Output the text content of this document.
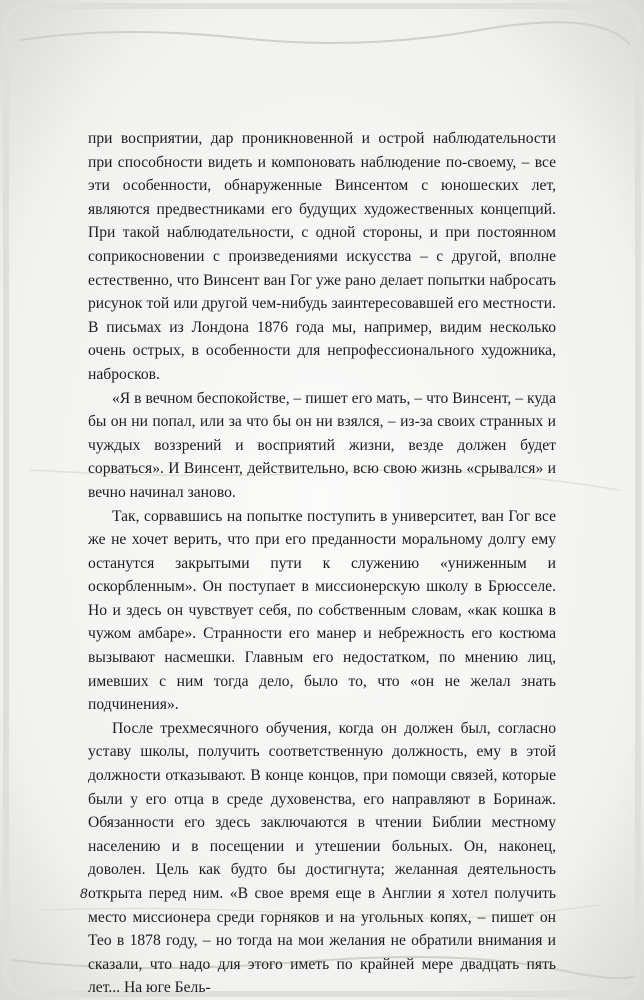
при восприятии, дар проникновенной и острой наблюдательности при способности видеть и компоновать наблюдение по-своему, – все эти особенности, обнаруженные Винсентом с юношеских лет, являются предвестниками его будущих художественных концепций. При такой наблюдательности, с одной стороны, и при постоянном соприкосновении с произведениями искусства – с другой, вполне естественно, что Винсент ван Гог уже рано делает попытки набросать рисунок той или другой чем-нибудь заинтересовавшей его местности. В письмах из Лондона 1876 года мы, например, видим несколько очень острых, в особенности для непрофессионального художника, набросков.

«Я в вечном беспокойстве, – пишет его мать, – что Винсент, – куда бы он ни попал, или за что бы он ни взялся, – из-за своих странных и чуждых воззрений и восприятий жизни, везде должен будет сорваться». И Винсент, действительно, всю свою жизнь «срывался» и вечно начинал заново.

Так, сорвавшись на попытке поступить в университет, ван Гог все же не хочет верить, что при его преданности моральному долгу ему останутся закрытыми пути к служению «униженным и оскорбленным». Он поступает в миссионерскую школу в Брюсселе. Но и здесь он чувствует себя, по собственным словам, «как кошка в чужом амбаре». Странности его манер и небрежность его костюма вызывают насмешки. Главным его недостатком, по мнению лиц, имевших с ним тогда дело, было то, что «он не желал знать подчинения».

После трехмесячного обучения, когда он должен был, согласно уставу школы, получить соответственную должность, ему в этой должности отказывают. В конце концов, при помощи связей, которые были у его отца в среде духовенства, его направляют в Боринаж. Обязанности его здесь заключаются в чтении Библии местному населению и в посещении и утешении больных. Он, наконец, доволен. Цель как будто бы достигнута; желанная деятельность открыта перед ним. «В свое время еще в Англии я хотел получить место миссионера среди горняков и на угольных копях, – пишет он Тео в 1878 году, – но тогда на мои желания не обратили внимания и сказали, что надо для этого иметь по крайней мере двадцать пять лет... На юге Бель-

8
